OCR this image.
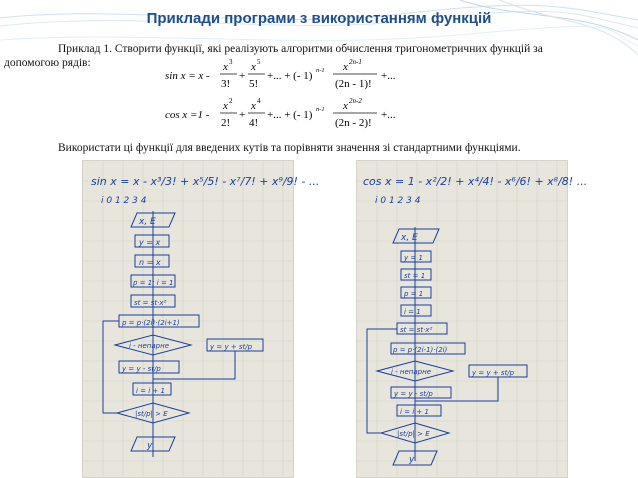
Приклади програми з використанням функцій
Приклад 1. Створити функції, які реалізують алгоритми обчислення тригонометричних функцій за
допомогою рядів:
sin x = x -
x 3
3!
+
x 5
5!
+... + (- 1) n-1 x 2n-1
(2n - 1)!
+...
cos x =1 -
x 2
2!
+
x 4
4!
+... + (- 1) n-1 x 2n-2
(2n - 2)!
+...
Використати ці функції для введених кутів та порівняти значення зі стандартними функціями.
sin x = x - x³/3! + x⁵/5! - x⁷/7! + x⁹/9! - ...
i 0 1 2 3 4
x, E
y = x
n = x
p = 1; i = 1
st = st·x²
p = p·(2i)·(2i+1)
i - непарне	y = y + st/p
y = y - st/p
i = i + 1
|st/p| > E
y
cos x = 1 - x²/2! + x⁴/4! - x⁶/6! + x⁸/8! ...
i 0 1 2 3 4
x, E
y = 1
st = 1
p = 1
i = 1
st = st·x²
p = p·(2i-1)·(2i)
i - непарне	y = y + st/p
y = y - st/p
i = i + 1
|st/p| > E
y
